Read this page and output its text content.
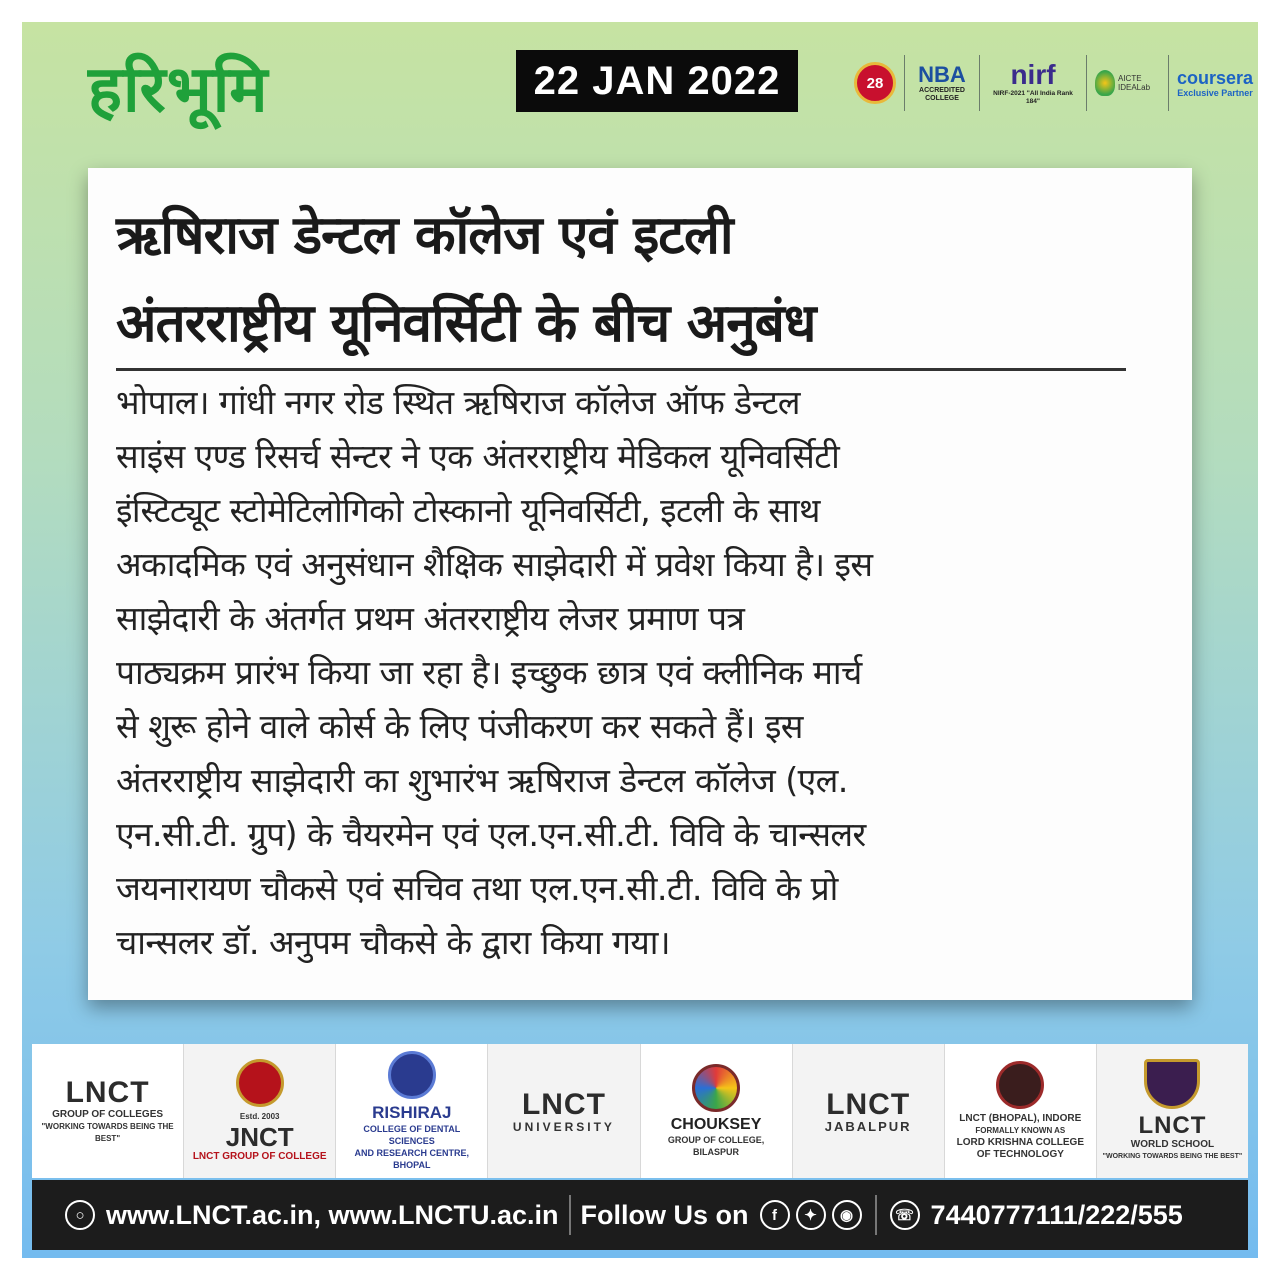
हरिभूमि	22 JAN 2022	28	NBA
ACCREDITED COLLEGE
nirf
NIRF-2021 "All India Rank 184"
AICTE IDEALab	coursera
Exclusive Partner
ऋषिराज डेन्टल कॉलेज एवं इटली
अंतरराष्ट्रीय यूनिवर्सिटी के बीच अनुबंध
भोपाल। गांधी नगर रोड स्थित ऋषिराज कॉलेज ऑफ डेन्टल
साइंस एण्ड रिसर्च सेन्टर ने एक अंतरराष्ट्रीय मेडिकल यूनिवर्सिटी
इंस्टिट्यूट स्टोमेटिलोगिको टोस्कानो यूनिवर्सिटी, इटली के साथ
अकादमिक एवं अनुसंधान शैक्षिक साझेदारी में प्रवेश किया है। इस
साझेदारी के अंतर्गत प्रथम अंतरराष्ट्रीय लेजर प्रमाण पत्र
पाठ्यक्रम प्रारंभ किया जा रहा है। इच्छुक छात्र एवं क्लीनिक मार्च
से शुरू होने वाले कोर्स के लिए पंजीकरण कर सकते हैं। इस
अंतरराष्ट्रीय साझेदारी का शुभारंभ ऋषिराज डेन्टल कॉलेज (एल.
एन.सी.टी. ग्रुप) के चैयरमेन एवं एल.एन.सी.टी. विवि के चान्सलर
जयनारायण चौकसे एवं सचिव तथा एल.एन.सी.टी. विवि के प्रो
चान्सलर डॉ. अनुपम चौकसे के द्वारा किया गया।
LNCT
GROUP OF COLLEGES
"WORKING TOWARDS BEING THE BEST"
Estd. 2003
JNCT
LNCT GROUP OF COLLEGE
RISHIRAJ
COLLEGE OF DENTAL SCIENCES
AND RESEARCH CENTRE, BHOPAL
LNCT
UNIVERSITY	CHOUKSEY
GROUP OF COLLEGE,
BILASPUR
LNCT
JABALPUR
LNCT (BHOPAL), INDORE
FORMALLY KNOWN AS
LORD KRISHNA COLLEGE
OF TECHNOLOGY
LNCT
WORLD SCHOOL
"WORKING TOWARDS BEING THE BEST"
○ www.LNCT.ac.in, www.LNCTU.ac.in Follow Us on	f	✦	◉	☏ 7440777111/222/555
